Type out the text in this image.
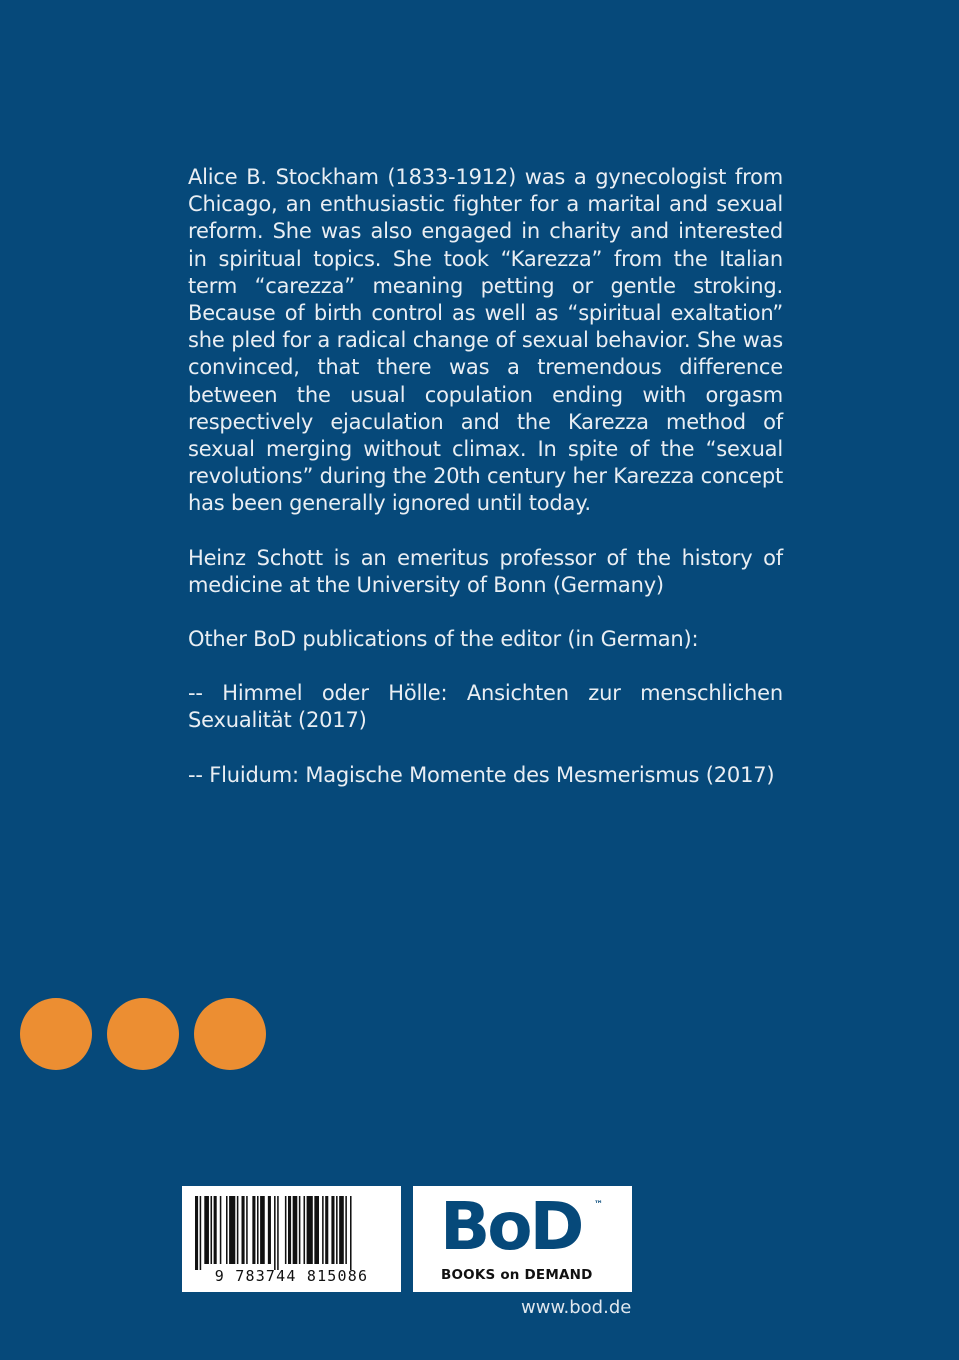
Alice B. Stockham (1833-1912) was a gynecologist from Chicago, an enthusiastic fighter for a marital and sexual reform. She was also engaged in charity and interested in spiritual topics. She took “Karezza” from the Italian term “carezza” meaning petting or gentle stroking. Because of birth control as well as “spiritual exaltation” she pled for a radical change of sexual behavior. She was convinced, that there was a tremendous difference between the usual copulation ending with orgasm respectively ejaculation and the Karezza method of sexual merging without climax. In spite of the “sexual revolutions” during the 20th century her Karezza concept has been generally ignored until today.

Heinz Schott is an emeritus professor of the history of medicine at the University of Bonn (Germany)

Other BoD publications of the editor (in German):

-- Himmel oder Hölle: Ansichten zur menschlichen Sexualität (2017)

-- Fluidum: Magische Momente des Mesmerismus (2017)

9 783744 815086
BoD ™
BOOKS on DEMAND
www.bod.de
